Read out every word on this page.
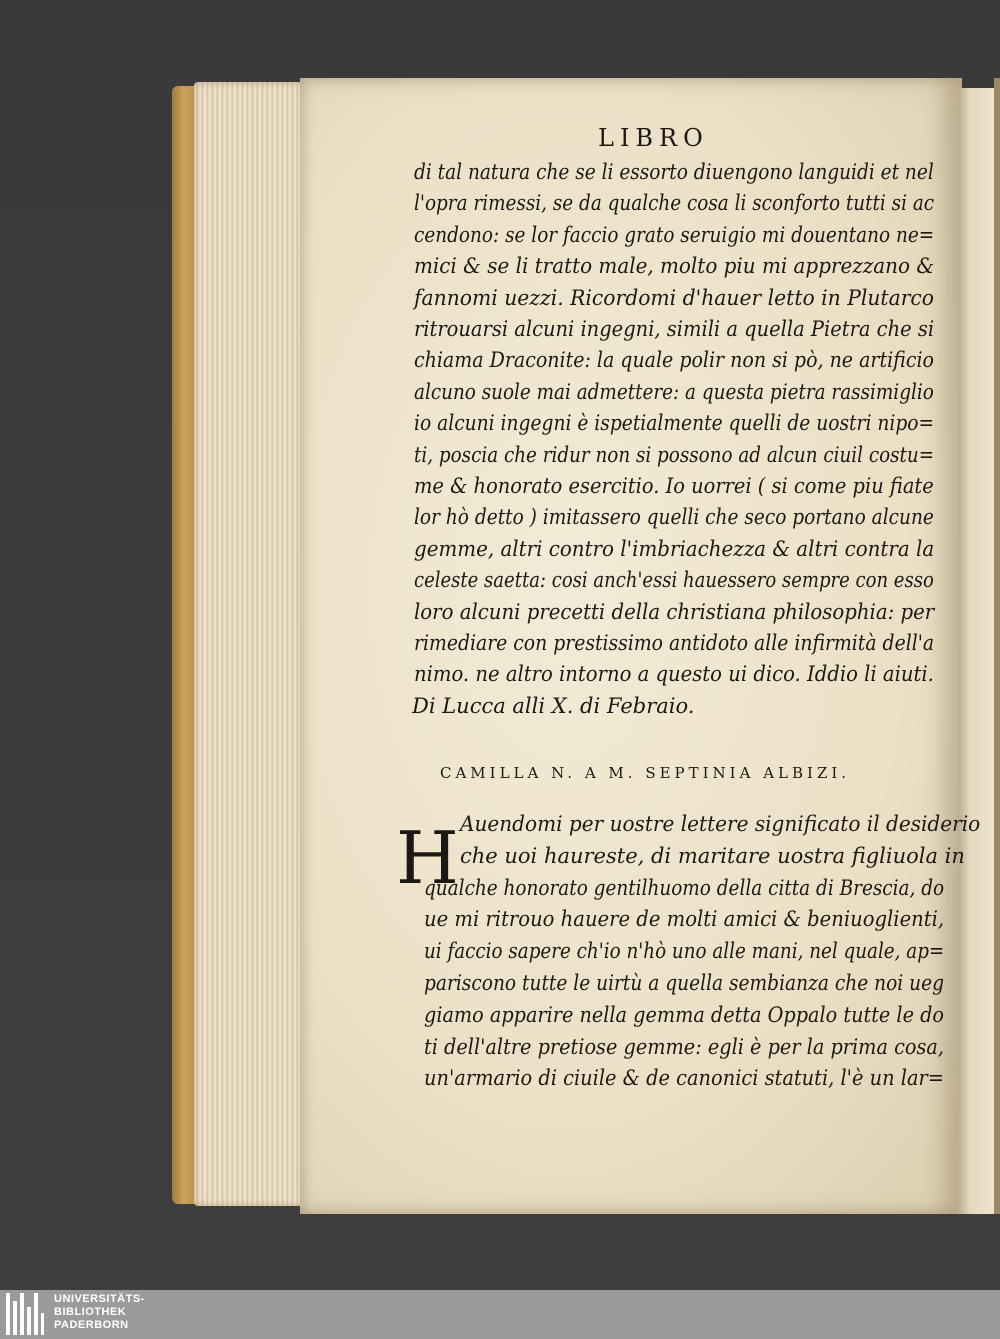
LIBRO
di tal natura che se li essorto diuengono languidi et nel
l'opra rimessi, se da qualche cosa li sconforto tutti si ac
cendono: se lor faccio grato seruigio mi douentano ne=
mici & se li tratto male, molto piu mi apprezzano &
fannomi uezzi. Ricordomi d'hauer letto in Plutarco
ritrouarsi alcuni ingegni, simili a quella Pietra che si
chiama Draconite: la quale polir non si pò, ne artificio
alcuno suole mai admettere: a questa pietra rassimiglio
io alcuni ingegni è ispetialmente quelli de uostri nipo=
ti, poscia che ridur non si possono ad alcun ciuil costu=
me & honorato esercitio. Io uorrei ( si come piu fiate
lor hò detto ) imitassero quelli che seco portano alcune
gemme, altri contro l'imbriachezza & altri contra la
celeste saetta: cosi anch'essi hauessero sempre con esso
loro alcuni precetti della christiana philosophia: per
rimediare con prestissimo antidoto alle infirmità dell'a
nimo. ne altro intorno a questo ui dico. Iddio li aiuti.
Di Lucca alli X. di Febraio.
CAMILLA N. A M. SEPTINIA ALBIZI.
H Auendomi per uostre lettere significato il desiderio
che uoi haureste, di maritare uostra figliuola in
qualche honorato gentilhuomo della citta di Brescia, do
ue mi ritrouo hauere de molti amici & beniuoglienti,
ui faccio sapere ch'io n'hò uno alle mani, nel quale, ap=
parisconо tutte le uirtù a quella sembianza che noi ueg
giamo apparire nella gemma detta Oppalo tutte le do
ti dell'altre pretiose gemme: egli è per la prima cosa,
un'armario di ciuile & de canonici statuti, l'è un lar=
UNIVERSITÄTS-
BIBLIOTHEK
PADERBORN
